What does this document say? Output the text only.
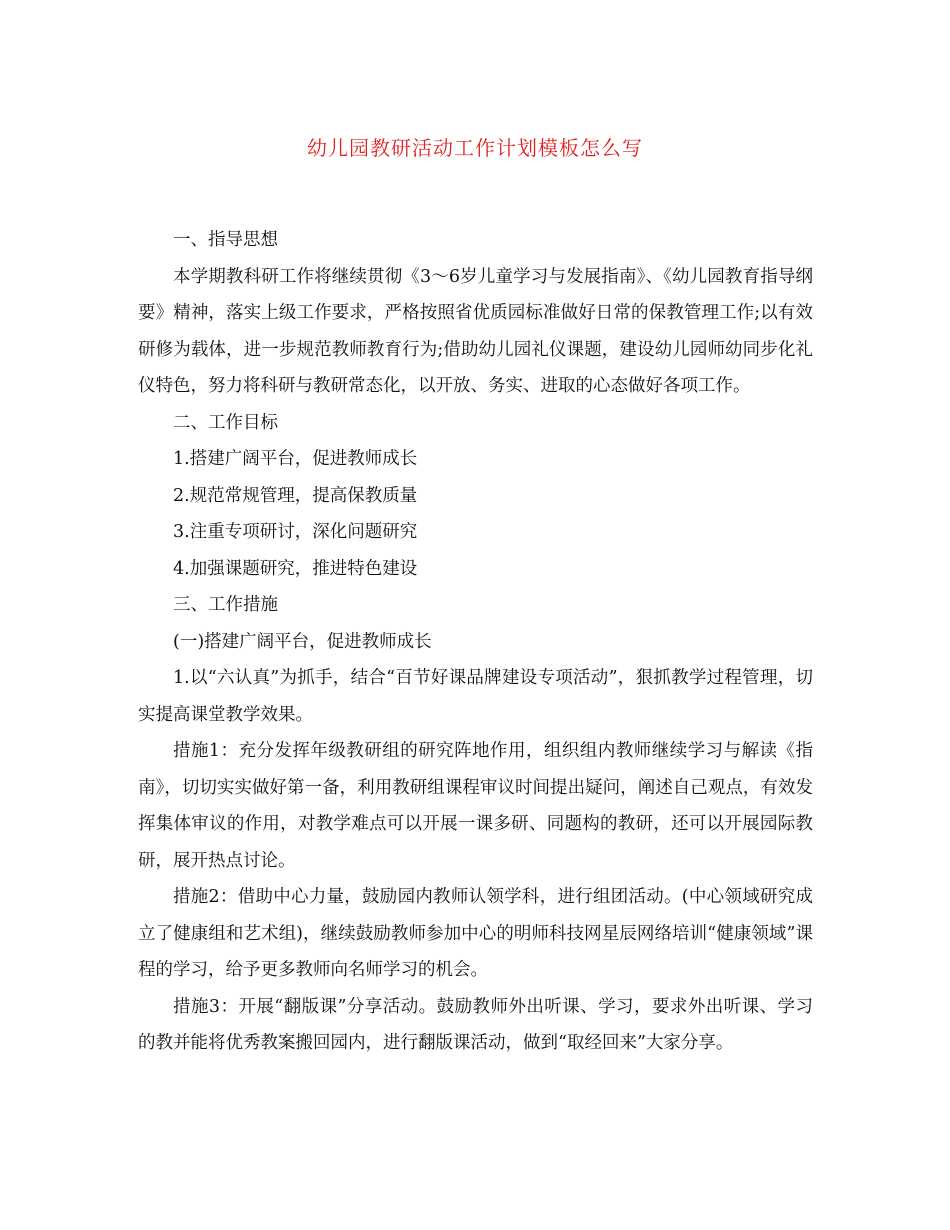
幼儿园教研活动工作计划模板怎么写

一、指导思想

本学期教科研工作将继续贯彻《3～6岁儿童学习与发展指南》、《幼儿园教育指导纲要》精神，落实上级工作要求，严格按照省优质园标准做好日常的保教管理工作;以有效研修为载体，进一步规范教师教育行为;借助幼儿园礼仪课题，建设幼儿园师幼同步化礼仪特色，努力将科研与教研常态化，以开放、务实、进取的心态做好各项工作。

二、工作目标

1.搭建广阔平台，促进教师成长

2.规范常规管理，提高保教质量

3.注重专项研讨，深化问题研究

4.加强课题研究，推进特色建设

三、工作措施

(一)搭建广阔平台，促进教师成长

1.以“六认真”为抓手，结合“百节好课品牌建设专项活动”，狠抓教学过程管理，切实提高课堂教学效果。

措施1：充分发挥年级教研组的研究阵地作用，组织组内教师继续学习与解读《指南》，切切实实做好第一备，利用教研组课程审议时间提出疑问，阐述自己观点，有效发挥集体审议的作用，对教学难点可以开展一课多研、同题构的教研，还可以开展园际教研，展开热点讨论。

措施2：借助中心力量，鼓励园内教师认领学科，进行组团活动。(中心领域研究成立了健康组和艺术组)，继续鼓励教师参加中心的明师科技网星辰网络培训“健康领域”课程的学习，给予更多教师向名师学习的机会。

措施3：开展“翻版课”分享活动。鼓励教师外出听课、学习，要求外出听课、学习的教并能将优秀教案搬回园内，进行翻版课活动，做到“取经回来”大家分享。
